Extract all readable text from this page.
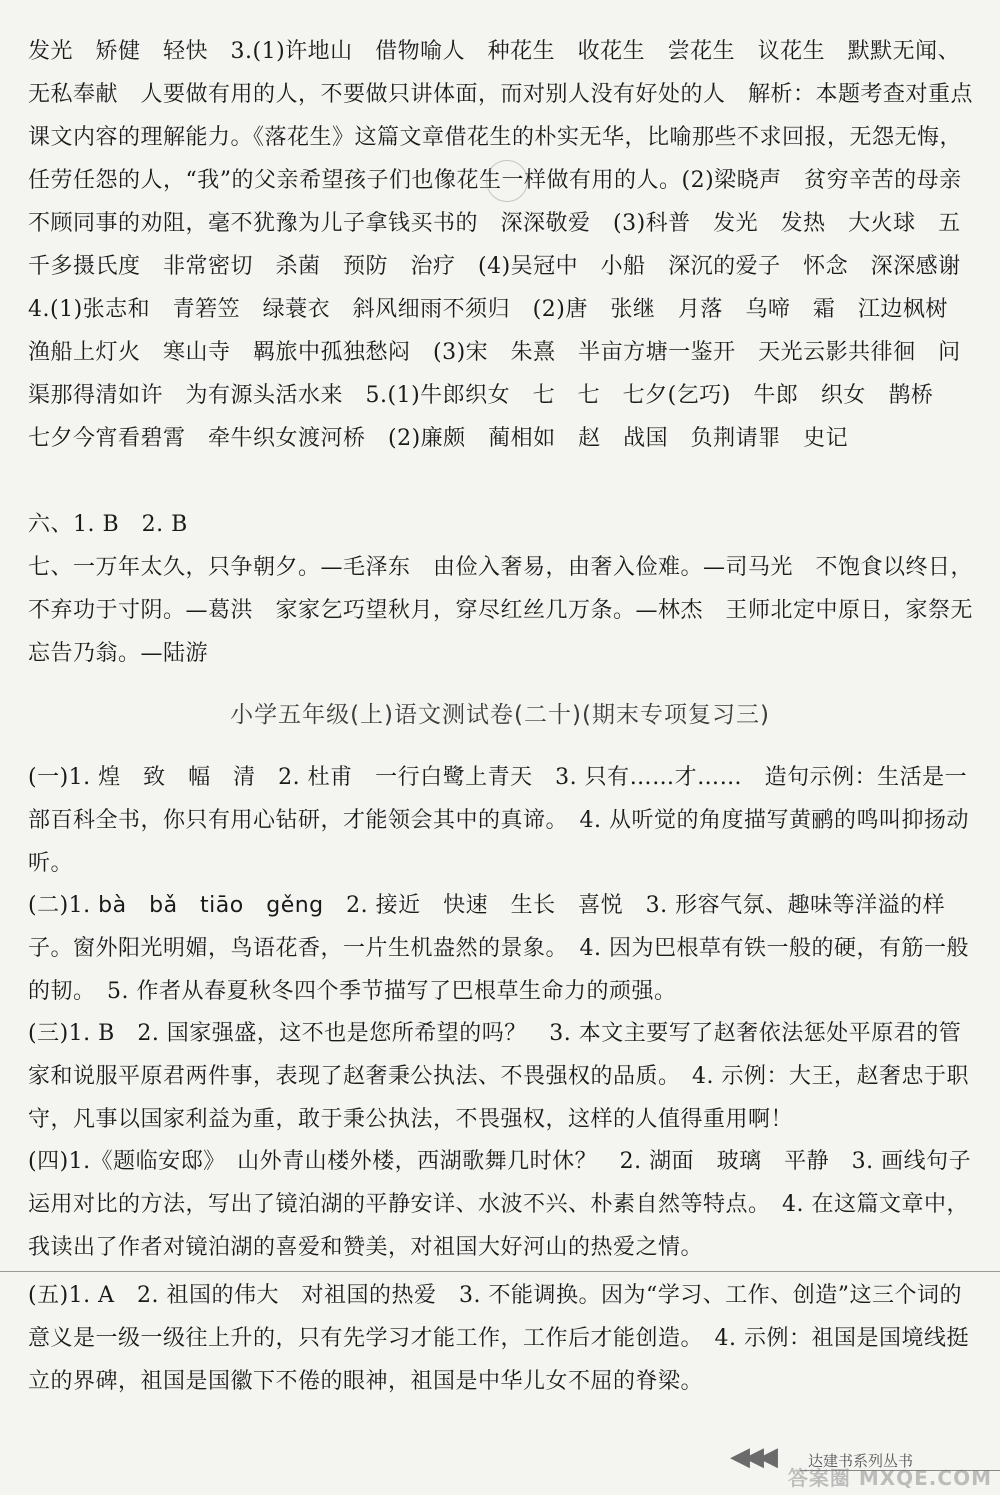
发光　矫健　轻快　3.(1)许地山　借物喻人　种花生　收花生　尝花生　议花生　默默无闻、无私奉献　人要做有用的人，不要做只讲体面，而对别人没有好处的人　解析：本题考查对重点课文内容的理解能力。《落花生》这篇文章借花生的朴实无华，比喻那些不求回报，无怨无悔，任劳任怨的人，“我”的父亲希望孩子们也像花生一样做有用的人。(2)梁晓声　贫穷辛苦的母亲不顾同事的劝阻，毫不犹豫为儿子拿钱买书的　深深敬爱　(3)科普　发光　发热　大火球　五千多摄氏度　非常密切　杀菌　预防　治疗　(4)吴冠中　小船　深沉的爱子　怀念　深深感谢　4.(1)张志和　青箬笠　绿蓑衣　斜风细雨不须归　(2)唐　张继　月落　乌啼　霜　江边枫树　渔船上灯火　寒山寺　羁旅中孤独愁闷　(3)宋　朱熹　半亩方塘一鉴开　天光云影共徘徊　问渠那得清如许　为有源头活水来　5.(1)牛郎织女　七　七　七夕(乞巧)　牛郎　织女　鹊桥　七夕今宵看碧霄　牵牛织女渡河桥　(2)廉颇　蔺相如　赵　战国　负荆请罪　史记
六、1. B　2. B
七、一万年太久，只争朝夕。—毛泽东　由俭入奢易，由奢入俭难。—司马光　不饱食以终日，不弃功于寸阴。—葛洪　家家乞巧望秋月，穿尽红丝几万条。—林杰　王师北定中原日，家祭无忘告乃翁。—陆游
小学五年级(上)语文测试卷(二十)(期末专项复习三)
(一)1. 煌　致　幅　清　2. 杜甫　一行白鹭上青天　3. 只有……才……　造句示例：生活是一部百科全书，你只有用心钻研，才能领会其中的真谛。　4. 从听觉的角度描写黄鹂的鸣叫抑扬动听。
(二)1. bà　bǎ　tiāo　gěng　2. 接近　快速　生长　喜悦　3. 形容气氛、趣味等洋溢的样子。窗外阳光明媚，鸟语花香，一片生机盎然的景象。　4. 因为巴根草有铁一般的硬，有筋一般的韧。　5. 作者从春夏秋冬四个季节描写了巴根草生命力的顽强。
(三)1. B　2. 国家强盛，这不也是您所希望的吗？　3. 本文主要写了赵奢依法惩处平原君的管家和说服平原君两件事，表现了赵奢秉公执法、不畏强权的品质。　4. 示例：大王，赵奢忠于职守，凡事以国家利益为重，敢于秉公执法，不畏强权，这样的人值得重用啊！
(四)1.《题临安邸》　山外青山楼外楼，西湖歌舞几时休？　2. 湖面　玻璃　平静　3. 画线句子运用对比的方法，写出了镜泊湖的平静安详、水波不兴、朴素自然等特点。　4. 在这篇文章中，我读出了作者对镜泊湖的喜爱和赞美，对祖国大好河山的热爱之情。
(五)1. A　2. 祖国的伟大　对祖国的热爱　3. 不能调换。因为“学习、工作、创造”这三个词的意义是一级一级往上升的，只有先学习才能工作，工作后才能创造。　4. 示例：祖国是国境线挺立的界碑，祖国是国徽下不倦的眼神，祖国是中华儿女不屈的脊梁。
◀◀◀ 达建书系列丛书
答案圈 MXQE.COM
